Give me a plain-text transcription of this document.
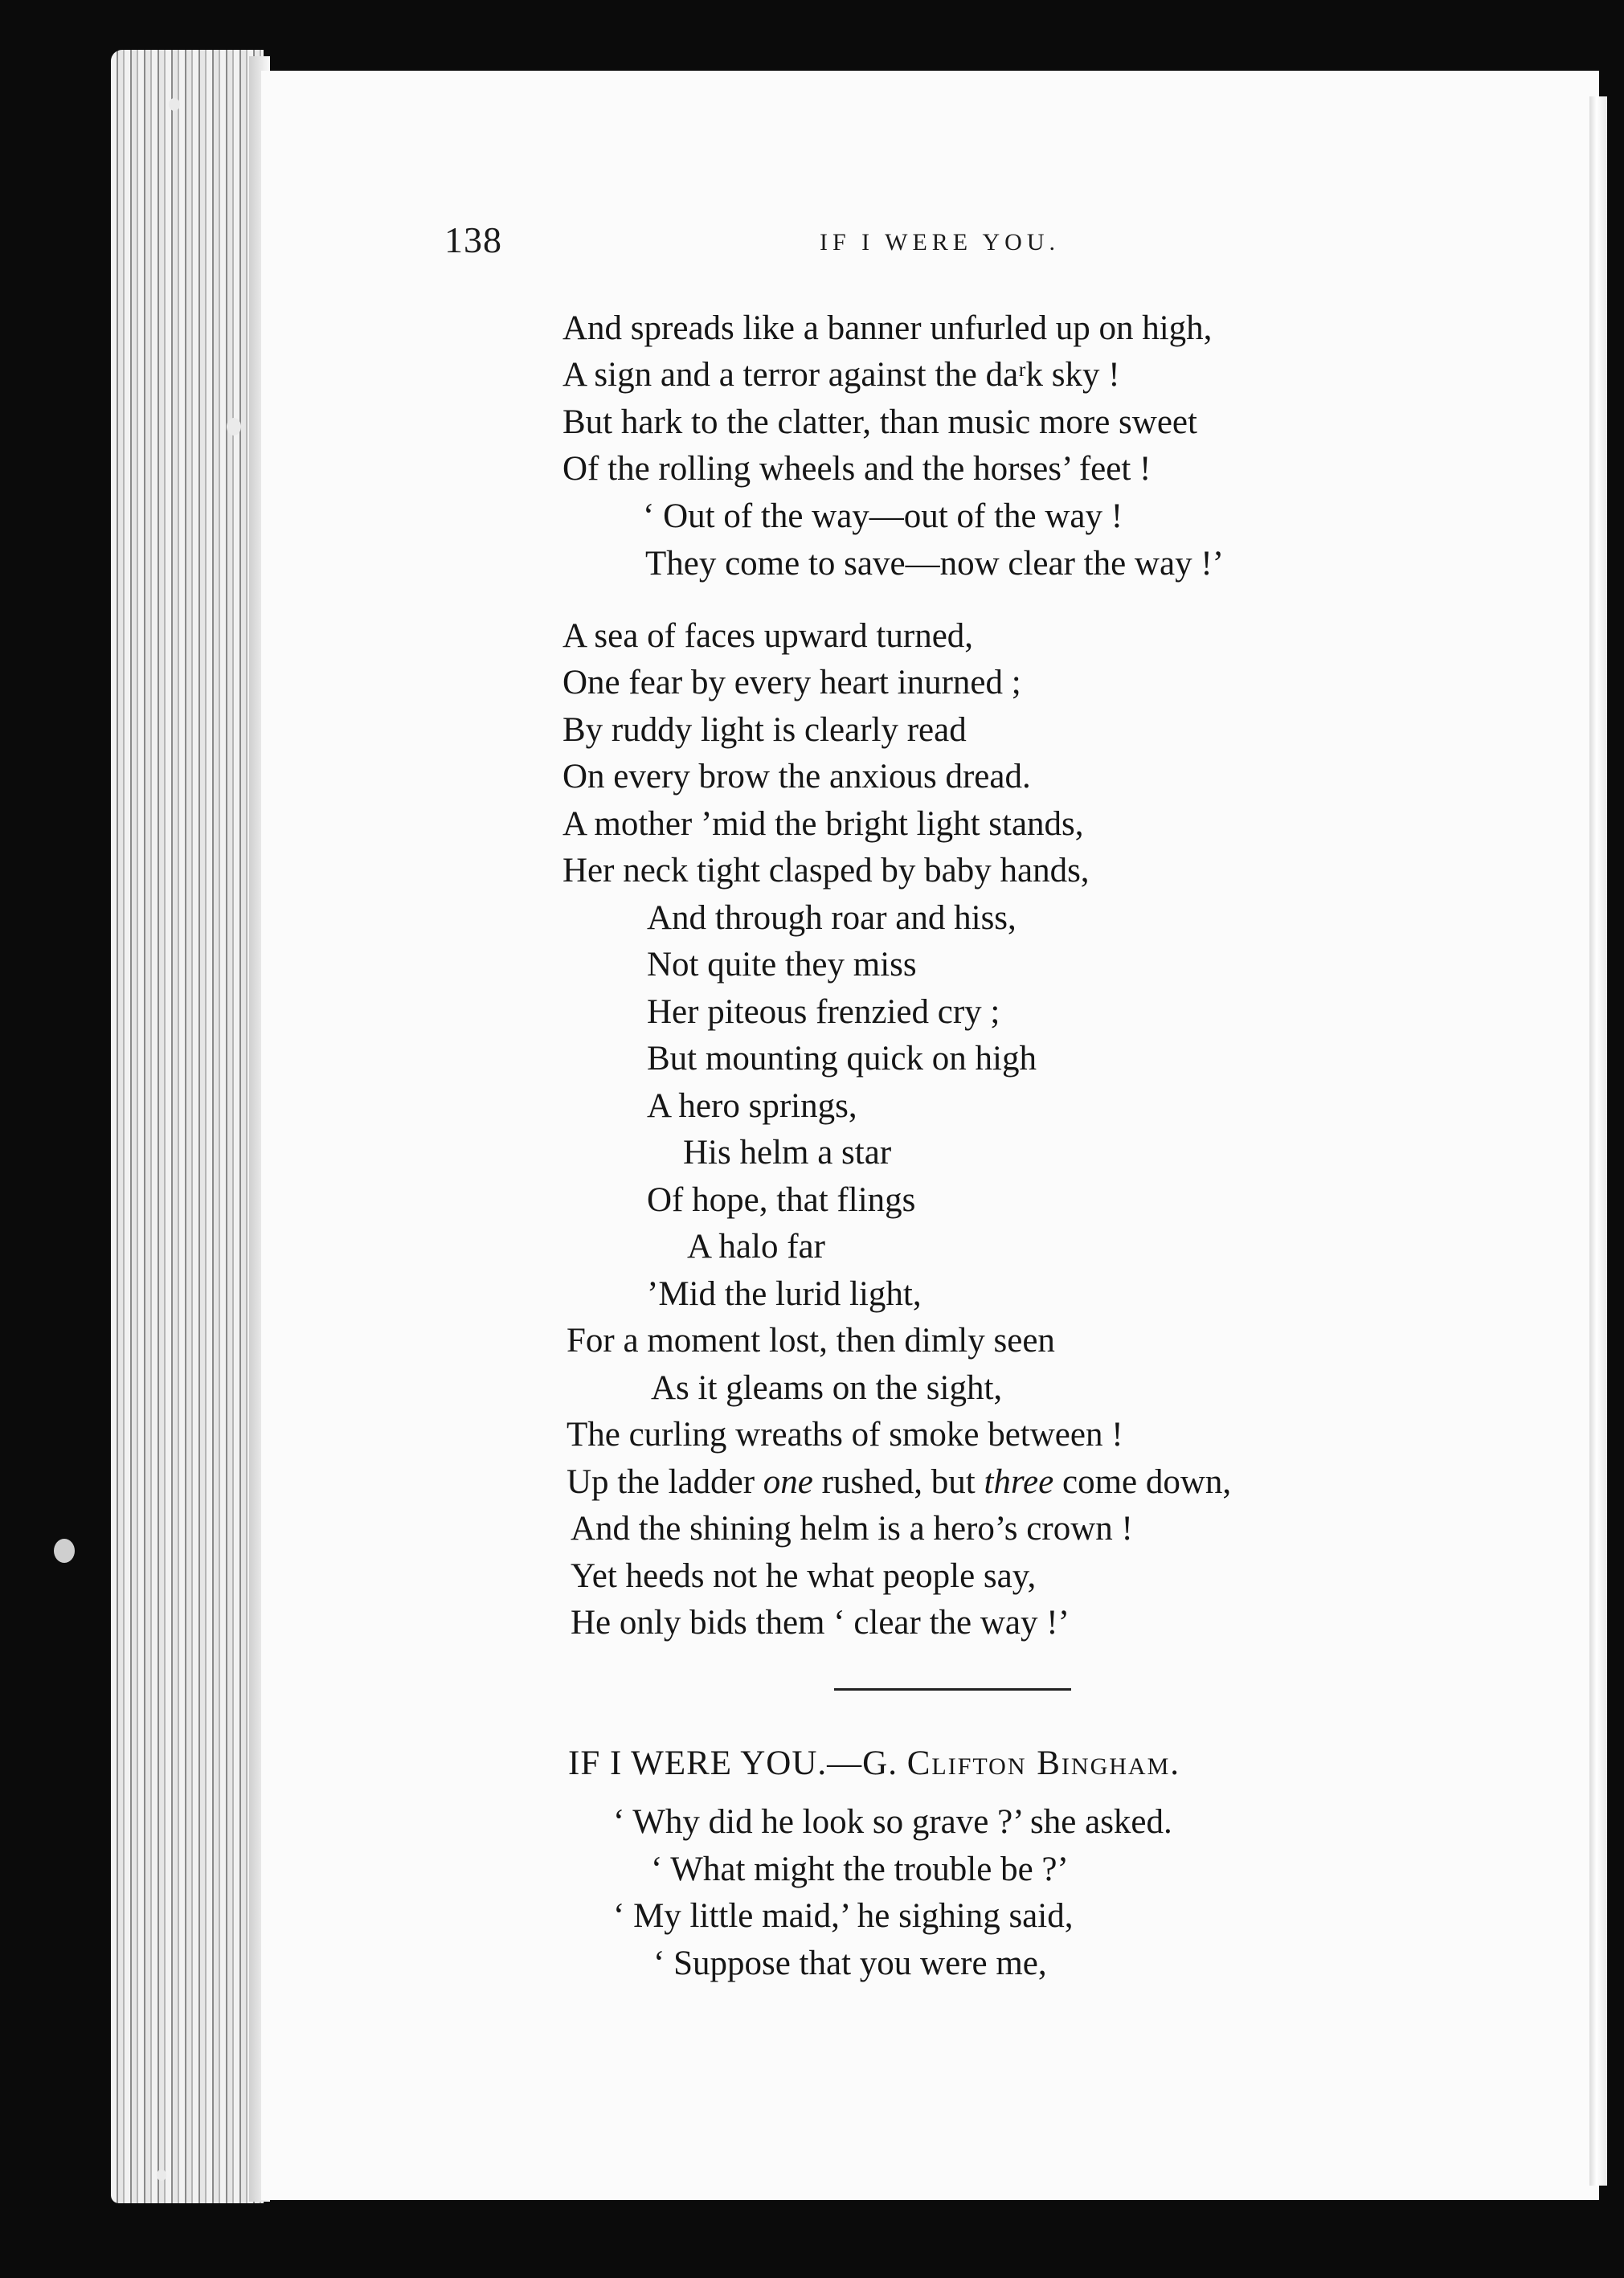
138	IF I WERE YOU.
And spreads like a banner unfurled up on high,
A sign and a terror against the daʳk sky !
But hark to the clatter, than music more sweet
Of the rolling wheels and the horses’ feet !
‘ Out of the way—out of the way !
They come to save—now clear the way !’
A sea of faces upward turned,
One fear by every heart inurned ;
By ruddy light is clearly read
On every brow the anxious dread.
A mother ’mid the bright light stands,
Her neck tight clasped by baby hands,
And through roar and hiss,
Not quite they miss
Her piteous frenzied cry ;
But mounting quick on high
A hero springs,
His helm a star
Of hope, that flings
A halo far
’Mid the lurid light,
For a moment lost, then dimly seen
As it gleams on the sight,
The curling wreaths of smoke between !
Up the ladder one rushed, but three come down,
And the shining helm is a hero’s crown !
Yet heeds not he what people say,
He only bids them ‘ clear the way !’
IF I WERE YOU.—G. Clifton Bingham.
‘ Why did he look so grave ?’ she asked.
‘ What might the trouble be ?’
‘ My little maid,’ he sighing said,
‘ Suppose that you were me,
